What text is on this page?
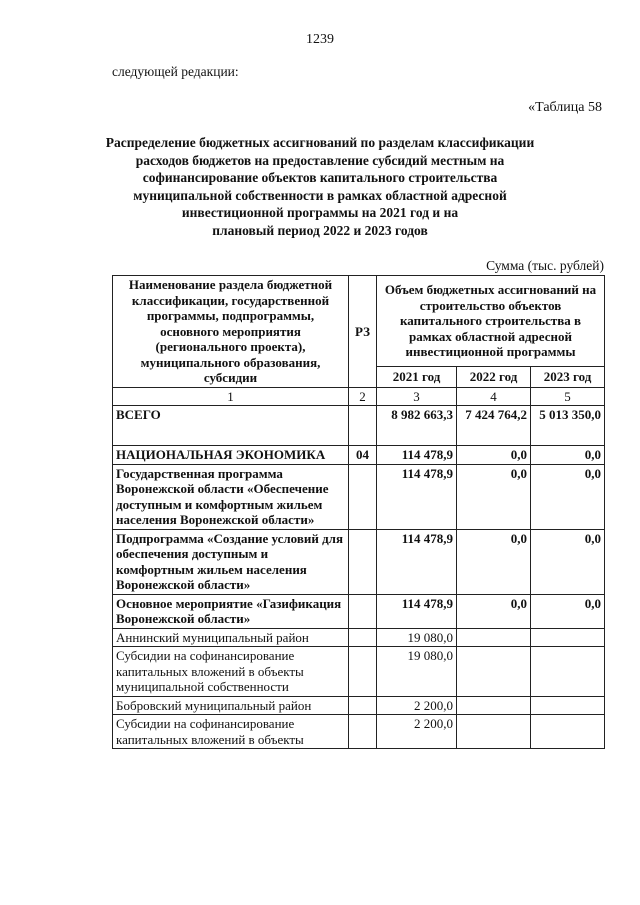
1239
следующей редакции:
«Таблица 58
Распределение бюджетных ассигнований по разделам классификации
расходов бюджетов на предоставление субсидий местным на
софинансирование объектов капитального строительства
муниципальной собственности в рамках областной адресной
инвестиционной программы на 2021 год и на
плановый период 2022 и 2023 годов
Сумма (тыс. рублей)
Наименование раздела бюджетной классификации, государственной программы, подпрограммы, основного мероприятия (регионального проекта), муниципального образования, субсидии	РЗ	Объем бюджетных ассигнований на строительство объектов капитального строительства в рамках областной адресной инвестиционной программы		
		2021 год	2022 год	2023 год
1	2	3	4	5
ВСЕГО		8 982 663,3	7 424 764,2	5 013 350,0
НАЦИОНАЛЬНАЯ ЭКОНОМИКА	04	114 478,9	0,0	0,0
Государственная программа Воронежской области «Обеспечение доступным и комфортным жильем населения Воронежской области»		114 478,9	0,0	0,0
Подпрограмма «Создание условий для обеспечения доступным и комфортным жильем населения Воронежской области»		114 478,9	0,0	0,0
Основное мероприятие «Газификация Воронежской области»		114 478,9	0,0	0,0
Аннинский муниципальный район		19 080,0		
Субсидии на софинансирование капитальных вложений в объекты муниципальной собственности		19 080,0		
Бобровский муниципальный район		2 200,0		
Субсидии на софинансирование капитальных вложений в объекты		2 200,0		
